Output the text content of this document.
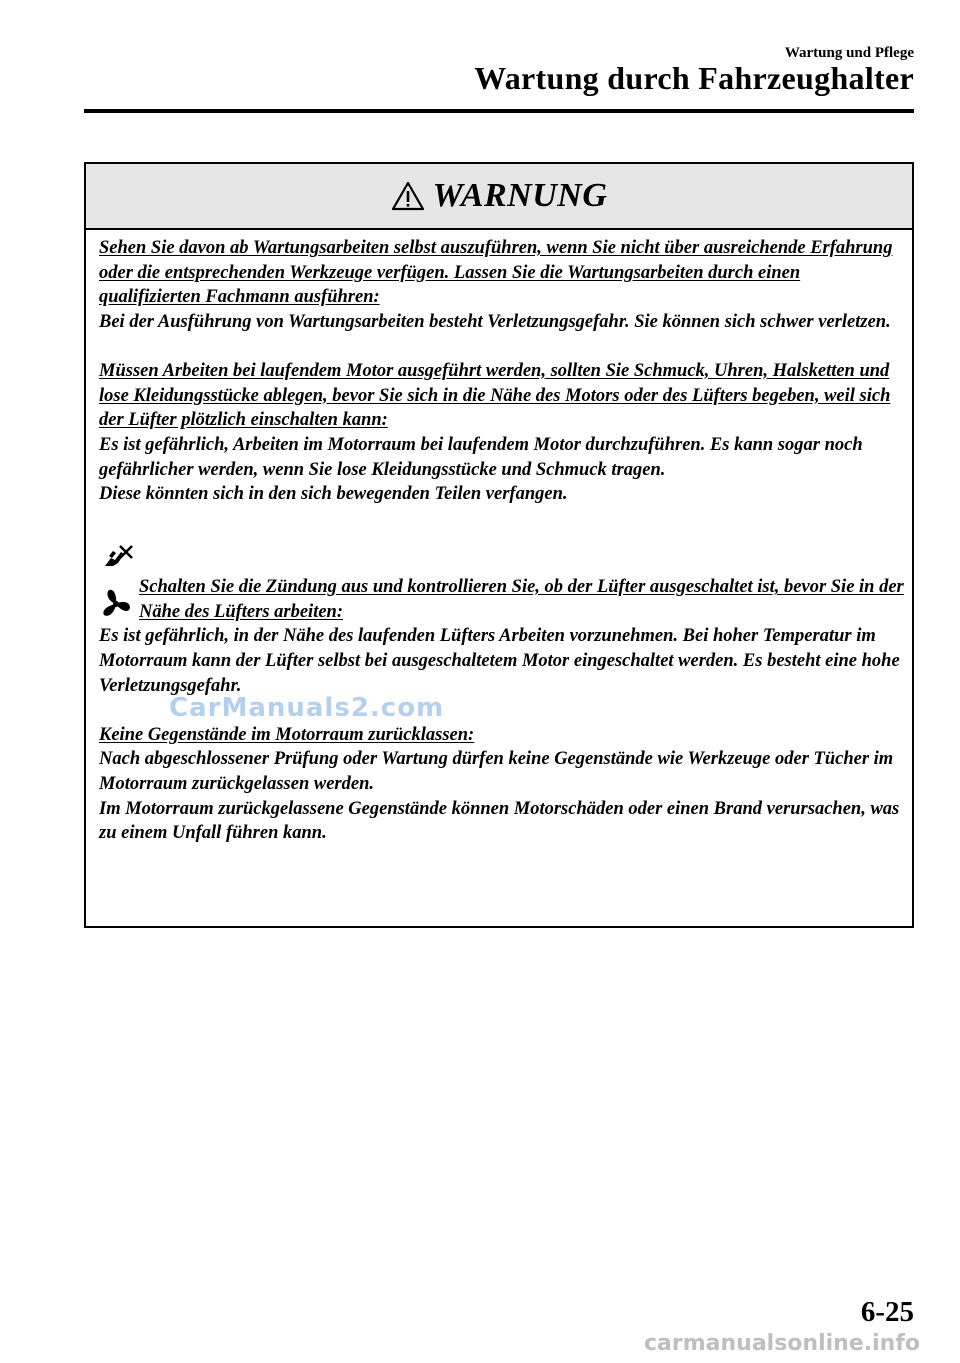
Wartung und Pflege
Wartung durch Fahrzeughalter
WARNUNG

Sehen Sie davon ab Wartungsarbeiten selbst auszuführen, wenn Sie nicht über ausreichende Erfahrung oder die entsprechenden Werkzeuge verfügen. Lassen Sie die Wartungsarbeiten durch einen qualifizierten Fachmann ausführen:

Bei der Ausführung von Wartungsarbeiten besteht Verletzungsgefahr. Sie können sich schwer verletzen.

Müssen Arbeiten bei laufendem Motor ausgeführt werden, sollten Sie Schmuck, Uhren, Halsketten und lose Kleidungsstücke ablegen, bevor Sie sich in die Nähe des Motors oder des Lüfters begeben, weil sich der Lüfter plötzlich einschalten kann:

Es ist gefährlich, Arbeiten im Motorraum bei laufendem Motor durchzuführen. Es kann sogar noch gefährlicher werden, wenn Sie lose Kleidungsstücke und Schmuck tragen.

Diese könnten sich in den sich bewegenden Teilen verfangen.

Schalten Sie die Zündung aus und kontrollieren Sie, ob der Lüfter ausgeschaltet ist, bevor Sie in der Nähe des Lüfters arbeiten:

Es ist gefährlich, in der Nähe des laufenden Lüfters Arbeiten vorzunehmen. Bei hoher Temperatur im Motorraum kann der Lüfter selbst bei ausgeschaltetem Motor eingeschaltet werden. Es besteht eine hohe Verletzungsgefahr.

Keine Gegenstände im Motorraum zurücklassen:

Nach abgeschlossener Prüfung oder Wartung dürfen keine Gegenstände wie Werkzeuge oder Tücher im Motorraum zurückgelassen werden.

Im Motorraum zurückgelassene Gegenstände können Motorschäden oder einen Brand verursachen, was zu einem Unfall führen kann.

CarManuals2.com
6-25
carmanualsonline.info
